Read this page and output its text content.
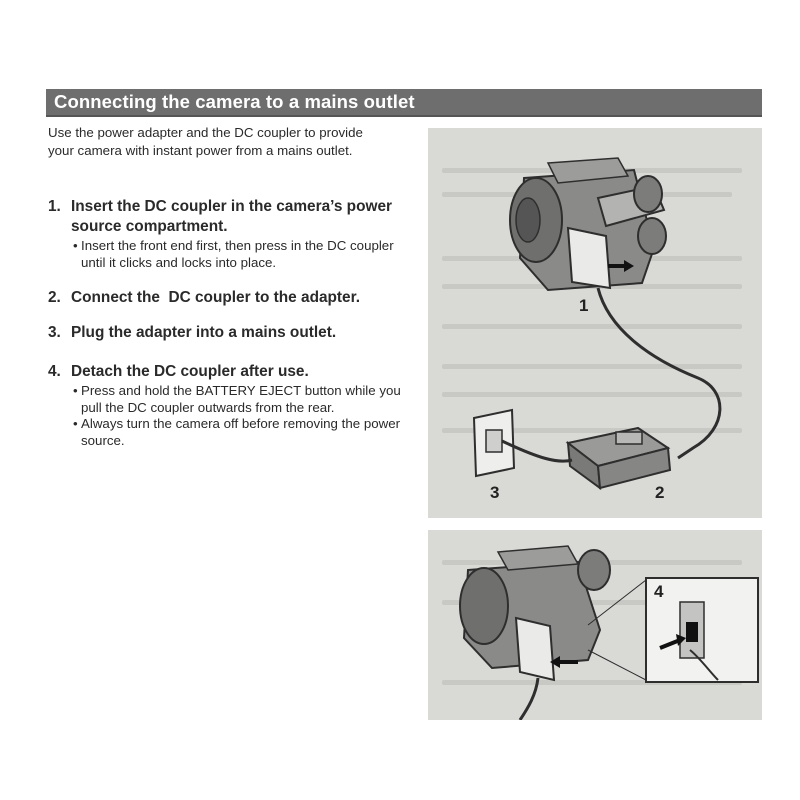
Connecting the camera to a mains outlet

Use the power adapter and the DC coupler to provide your camera with instant power from a mains outlet.

1. Insert the DC coupler in the camera’s power source compartment.
• Insert the front end first, then press in the DC coupler until it clicks and locks into place.
2. Connect the  DC coupler to the adapter.
3. Plug the adapter into a mains outlet.
4. Detach the DC coupler after use.
• Press and hold the BATTERY EJECT button while you pull the DC coupler outwards from the rear.
• Always turn the camera off before removing the power source.
1
2
3
4
